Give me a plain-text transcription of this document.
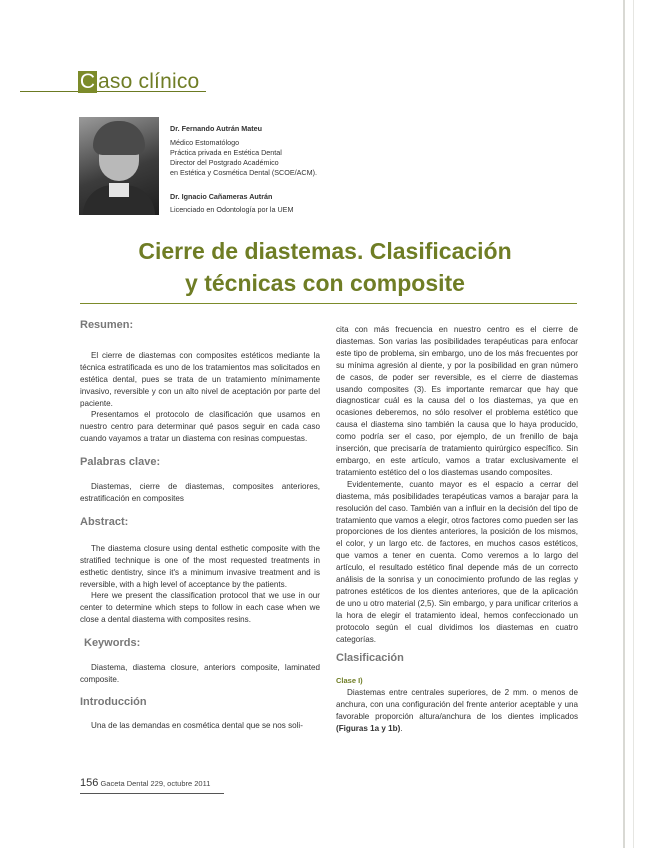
C aso clínico
Dr. Fernando Autrán Mateu
Médico Estomatólogo
Práctica privada en Estética Dental
Director del Postgrado Académico
en Estética y Cosmética Dental (SCOE/ACM).
Dr. Ignacio Cañameras Autrán
Licenciado en Odontología por la UEM
Cierre de diastemas. Clasificación
y técnicas con composite
Resumen:

El cierre de diastemas con composites estéticos mediante la técnica estratificada es uno de los tratamientos mas solicitados en estética dental, pues se trata de un tratamiento mínimamente invasivo, reversible y con un alto nivel de aceptación por parte del paciente.

Presentamos el protocolo de clasificación que usamos en nuestro centro para determinar qué pasos seguir en cada caso cuando vayamos a tratar un diastema con resinas compuestas.

Palabras clave:

Diastemas, cierre de diastemas, composites anteriores, estratificación en composites

Abstract:

The diastema closure using dental esthetic composite with the stratified technique is one of the most requested treatments in esthetic dentistry, since it's a minimum invasive treatment and is reversible, with a high level of acceptance by the patients.

Here we present the classification protocol that we use in our center to determine which steps to follow in each case when we close a dental diastema with composites resins.

Keywords:

Diastema, diastema closure, anteriors composite, laminated composite.

Introducción

Una de las demandas en cosmética dental que se nos soli-

cita con más frecuencia en nuestro centro es el cierre de diastemas. Son varias las posibilidades terapéuticas para enfocar este tipo de problema, sin embargo, uno de los más frecuentes por su mínima agresión al diente, y por la posibilidad en gran número de casos, de poder ser reversible, es el cierre de diastemas usando composites (3). Es importante remarcar que hay que diagnosticar cuál es la causa del o los diastemas, ya que en ocasiones deberemos, no sólo resolver el problema estético que causa el diastema sino también la causa que lo haya producido, como podría ser el caso, por ejemplo, de un frenillo de baja inserción, que precisaría de tratamiento quirúrgico específico. Sin embargo, en este artículo, vamos a tratar exclusivamente el tratamiento estético del o los diastemas usando composites.

Evidentemente, cuanto mayor es el espacio a cerrar del diastema, más posibilidades terapéuticas vamos a barajar para la resolución del caso. También van a influir en la decisión del tipo de tratamiento que vamos a elegir, otros factores como pueden ser las proporciones de los dientes anteriores, la posición de los mismos, el color, y un largo etc. de factores, en muchos casos estéticos, que vamos a tener en cuenta. Como veremos a lo largo del artículo, el resultado estético final depende más de un correcto análisis de la sonrisa y un conocimiento profundo de las reglas y patrones estéticos de los dientes anteriores, que de la aplicación de uno u otro material (2,5). Sin embargo, y para unificar criterios a la hora de elegir el tratamiento ideal, hemos confeccionado un protocolo según el cual dividimos los diastemas en cuatro categorías.

Clasificación
Clase I)

Diastemas entre centrales superiores, de 2 mm. o menos de anchura, con una configuración del frente anterior aceptable y una favorable proporción altura/anchura de los dientes implicados (Figuras 1a y 1b).

156 Gaceta Dental 229, octubre 2011
